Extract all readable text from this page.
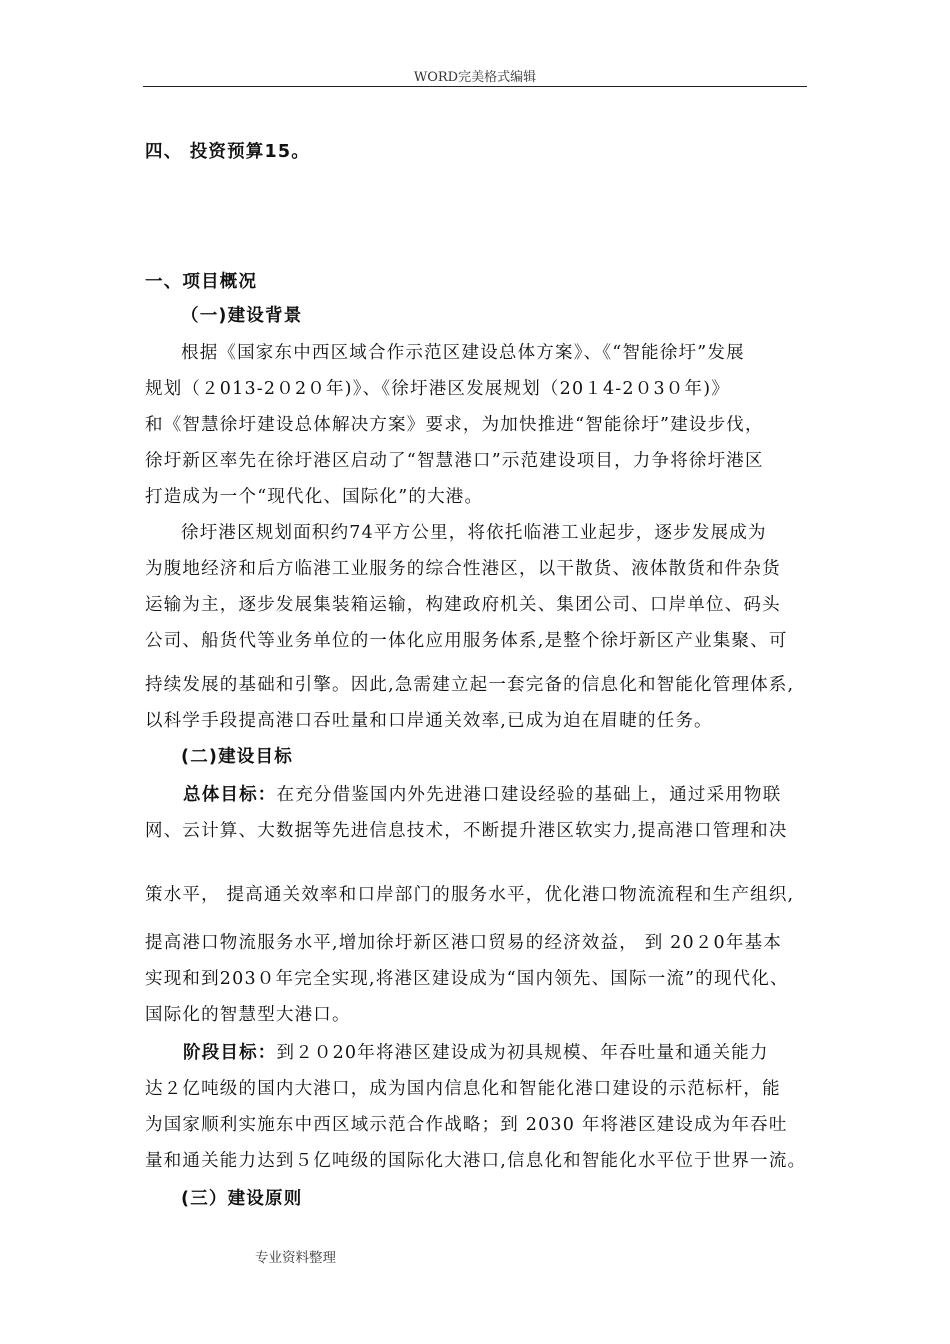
WORD完美格式编辑
四、 投资预算15。
一、项目概况
（一)建设背景
根据《国家东中西区域合作示范区建设总体方案》、《“智能徐圩”发展
规划（２013-2０2０年)》、《徐圩港区发展规划（20１4-2０3０年)》
和《智慧徐圩建设总体解决方案》要求，为加快推进“智能徐圩”建设步伐，
徐圩新区率先在徐圩港区启动了“智慧港口”示范建设项目，力争将徐圩港区
打造成为一个“现代化、国际化”的大港。
徐圩港区规划面积约74平方公里，将依托临港工业起步，逐步发展成为
为腹地经济和后方临港工业服务的综合性港区，以干散货、液体散货和件杂货
运输为主，逐步发展集装箱运输，构建政府机关、集团公司、口岸单位、码头
公司、船货代等业务单位的一体化应用服务体系,是整个徐圩新区产业集聚、可
持续发展的基础和引擎。因此,急需建立起一套完备的信息化和智能化管理体系,
以科学手段提高港口吞吐量和口岸通关效率,已成为迫在眉睫的任务。
(二)建设目标
总体目标：在充分借鉴国内外先进港口建设经验的基础上，通过采用物联
网、云计算、大数据等先进信息技术，不断提升港区软实力,提高港口管理和决
策水平， 提高通关效率和口岸部门的服务水平，优化港口物流流程和生产组织,
提高港口物流服务水平,增加徐圩新区港口贸易的经济效益， 到 20２0年基本
实现和到203０年完全实现,将港区建设成为“国内领先、国际一流”的现代化、
国际化的智慧型大港口。
阶段目标：到２０20年将港区建设成为初具规模、年吞吐量和通关能力
达２亿吨级的国内大港口，成为国内信息化和智能化港口建设的示范标杆，能
为国家顺利实施东中西区域示范合作战略；到 2030 年将港区建设成为年吞吐
量和通关能力达到５亿吨级的国际化大港口,信息化和智能化水平位于世界一流。
(三）建设原则
专业资料整理
